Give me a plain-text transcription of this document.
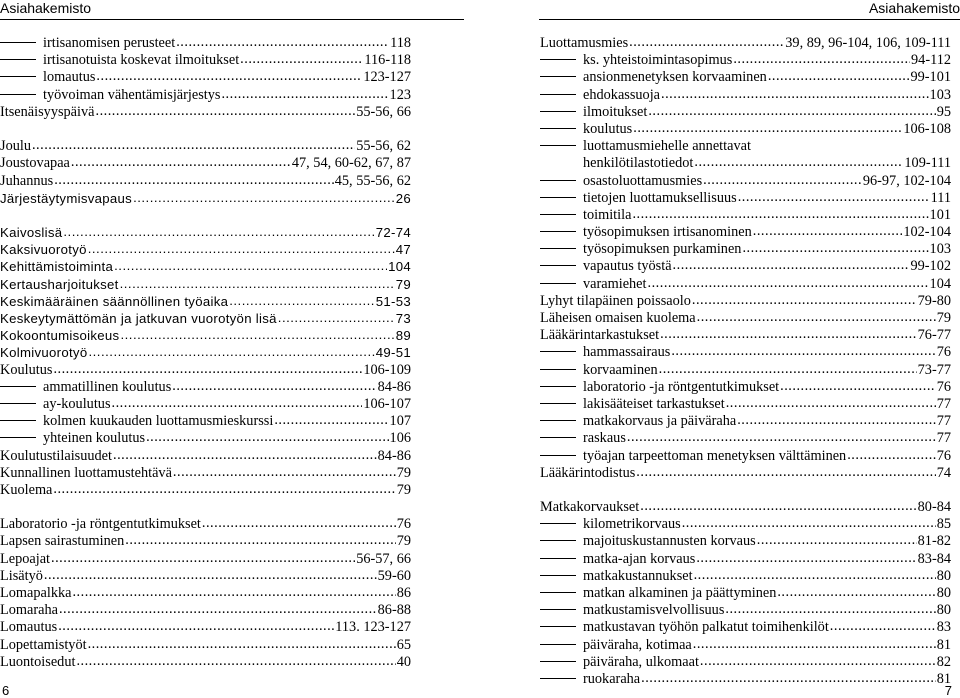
Asiahakemisto	Asiahakemisto
irtisanomisen perusteet .....	118
irtisanotuista koskevat ilmoitukset .....	116-118
lomautus .....	123-127
työvoiman vähentämisjärjestys .....	123
Itsenäisyyspäivä .....	55-56, 66
Joulu .....	55-56, 62
Joustovapaa .....	47, 54, 60-62, 67, 87
Juhannus .....	45, 55-56, 62
Järjestäytymisvapaus .....	26
Kaivoslisä .....	72-74
Kaksivuorotyö .....	47
Kehittämistoiminta .....	104
Kertausharjoitukset .....	79
Keskimääräinen säännöllinen työaika .....	51-53
Keskeytymättömän ja jatkuvan vuorotyön lisä .....	73
Kokoontumisoikeus .....	89
Kolmivuorotyö .....	49-51
Koulutus .....	106-109
ammatillinen koulutus .....	84-86
ay-koulutus .....	106-107
kolmen kuukauden luottamusmieskurssi .....	107
yhteinen koulutus .....	106
Koulutustilaisuudet .....	84-86
Kunnallinen luottamustehtävä .....	79
Kuolema .....	79
Laboratorio -ja röntgentutkimukset .....	76
Lapsen sairastuminen .....	79
Lepoajat .....	56-57, 66
Lisätyö .....	59-60
Lomapalkka .....	86
Lomaraha .....	86-88
Lomautus .....	113. 123-127
Lopettamistyöt .....	65
Luontoisedut .....	40
Luottamusmies .....	39, 89, 96-104, 106, 109-111
ks. yhteistoimintasopimus .....	94-112
ansionmenetyksen korvaaminen .....	99-101
ehdokassuoja .....	103
ilmoitukset .....	95
koulutus .....	106-108
luottamusmiehelle annettavat
henkilötilastotiedot .....	109-111
osastoluottamusmies .....	96-97, 102-104
tietojen luottamuksellisuus .....	111
toimitila .....	101
työsopimuksen irtisanominen .....	102-104
työsopimuksen purkaminen .....	103
vapautus työstä .....	99-102
varamiehet .....	104
Lyhyt tilapäinen poissaolo .....	79-80
Läheisen omaisen kuolema .....	79
Lääkärintarkastukset .....	76-77
hammassairaus .....	76
korvaaminen .....	73-77
laboratorio -ja röntgentutkimukset .....	76
lakisääteiset tarkastukset .....	77
matkakorvaus ja päiväraha .....	77
raskaus .....	77
työajan tarpeettoman menetyksen välttäminen .....	76
Lääkärintodistus .....	74
Matkakorvaukset .....	80-84
kilometrikorvaus .....	85
majoituskustannusten korvaus .....	81-82
matka-ajan korvaus .....	83-84
matkakustannukset .....	80
matkan alkaminen ja päättyminen .....	80
matkustamisvelvollisuus .....	80
matkustavan työhön palkatut toimihenkilöt .....	83
päiväraha, kotimaa .....	81
päiväraha, ulkomaat .....	82
ruokaraha .....	81
6	7
